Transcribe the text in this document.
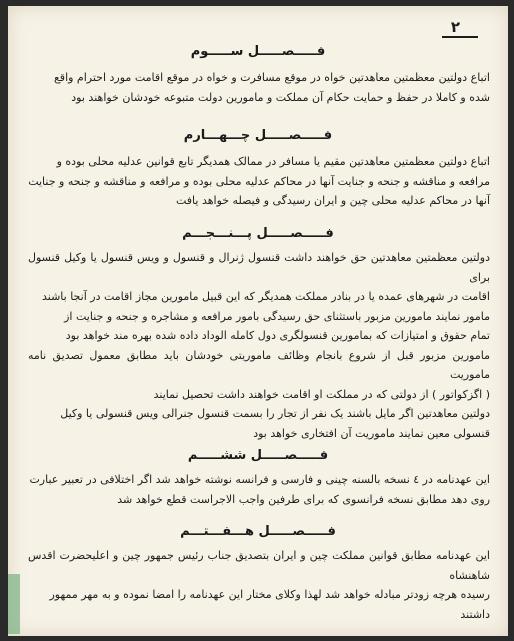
٢
فـــــصـــــل ســـــوم
اتباع دولتین معظمتین معاهدتین خواه در موقع مسافرت و خواه در موقع اقامت مورد احترام واقع
شده و کاملا در حفظ و حمایت حکام آن مملکت و مامورین دولت متبوعه خودشان خواهند بود
فـــــصـــــل چـــهـــارم
اتباع دولتین معظمتین معاهدتین مقیم یا مسافر در ممالک همدیگر تابع قوانین عدلیه محلی بوده و
مرافعه و مناقشه و جنحه و جنایت آنها در محاکم عدلیه محلی بوده و مرافعه و مناقشه و جنحه و جنایت
آنها در محاکم عدلیه محلی چین و ایران رسیدگی و فیصله خواهد یافت
فـــــصـــــل پـــنـــجـــم
دولتین معظمتین معاهدتین حق خواهند داشت قنسول ژنرال و قنسول و ویس قنسول یا وکیل قنسول برای
اقامت در شهرهای عمده یا در بنادر مملکت همدیگر که این قبیل مامورین مجاز اقامت در آنجا باشند
مامور نمایند مامورین مزبور باستثنای حق رسیدگی بامور مرافعه و مشاجره و جنحه و جنایت از
تمام حقوق و امتیازات که بمامورین قنسولگری دول کامله الوداد داده شده بهره مند خواهد بود
مامورین مزبور قبل از شروع بانجام وظائف ماموریتی خودشان باید مطابق معمول تصدیق نامه ماموریت
( اگزکواتور ) از دولتی که در مملکت او اقامت خواهند داشت تحصیل نمایند
دولتین معاهدتین اگر مایل باشند یک نفر از تجار را بسمت قنسول جنرالی ویس قنسولی یا وکیل
قنسولی معین نمایند ماموریت آن افتخاری خواهد بود
فـــــصـــــل ششـــــم
این عهدنامه در ٤ نسخه بالسنه چینی و فارسی و فرانسه نوشته خواهد شد اگر اختلافی در تعبیر عبارت
روی دهد مطابق نسخه فرانسوی که برای طرفین واجب الاجراست قطع خواهد شد
فـــــصـــــل هـــفـــتـــم
این عهدنامه مطابق قوانین مملکت چین و ایران بتصدیق جناب رئیس جمهور چین و اعلیحضرت اقدس شاهنشاه
رسیده هرچه زودتر مبادله خواهد شد لهذا وکلای مختار این عهدنامه را امضا نموده و به مهر ممهور
داشتند
